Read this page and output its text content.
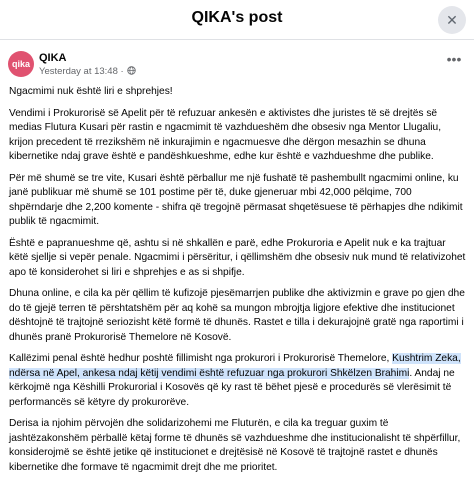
QIKA's post	✕
qika QIKA
Yesterday at 13:48 ·
•••

Ngacmimi nuk është liri e shprehjes!

Vendimi i Prokurorisë së Apelit për të refuzuar ankesën e aktivistes dhe juristes të së drejtës së medias Flutura Kusari për rastin e ngacmimit të vazhdueshëm dhe obsesiv nga Mentor Llugaliu, krijon precedent të rrezikshëm në inkurajimin e ngacmuesve dhe dërgon mesazhin se dhuna kibernetike ndaj grave është e pandëshkueshme, edhe kur është e vazhdueshme dhe publike.

Për më shumë se tre vite, Kusari është përballur me një fushatë të pashembullt ngacmimi online, ku janë publikuar më shumë se 101 postime për të, duke gjeneruar mbi 42,000 pëlqime, 700 shpërndarje dhe 2,200 komente - shifra që tregojnë përmasat shqetësuese të përhapjes dhe ndikimit publik të ngacmimit.

Është e papranueshme që, ashtu si në shkallën e parë, edhe Prokuroria e Apelit nuk e ka trajtuar këtë sjellje si vepër penale. Ngacmimi i përsëritur, i qëllimshëm dhe obsesiv nuk mund të relativizohet apo të konsiderohet si liri e shprehjes e as si shpifje.

Dhuna online, e cila ka për qëllim të kufizojë pjesëmarrjen publike dhe aktivizmin e grave po gjen dhe do të gjejë terren të përshtatshëm për aq kohë sa mungon mbrojtja ligjore efektive dhe institucionet dështojnë të trajtojnë seriozisht këtë formë të dhunës. Rastet e tilla i dekurajojnë gratë nga raportimi i dhunës pranë Prokurorisë Themelore në Kosovë.

Kallëzimi penal është hedhur poshtë fillimisht nga prokurori i Prokurorisë Themelore, Kushtrim Zeka, ndërsa në Apel, ankesa ndaj këtij vendimi është refuzuar nga prokurori Shkëlzen Brahimi. Andaj ne kërkojmë nga Këshilli Prokurorial i Kosovës që ky rast të bëhet pjesë e procedurës së vlerësimit të performancës së këtyre dy prokurorëve.

Derisa ia njohim përvojën dhe solidarizohemi me Fluturën, e cila ka treguar guxim të jashtëzakonshëm përballë këtaj forme të dhunës së vazhdueshme dhe institucionalisht të shpërfillur, konsiderojmë se është jetike që institucionet e drejtësisë në Kosovë të trajtojnë rastet e dhunës kibernetike dhe formave të ngacmimit drejt dhe me prioritet.
